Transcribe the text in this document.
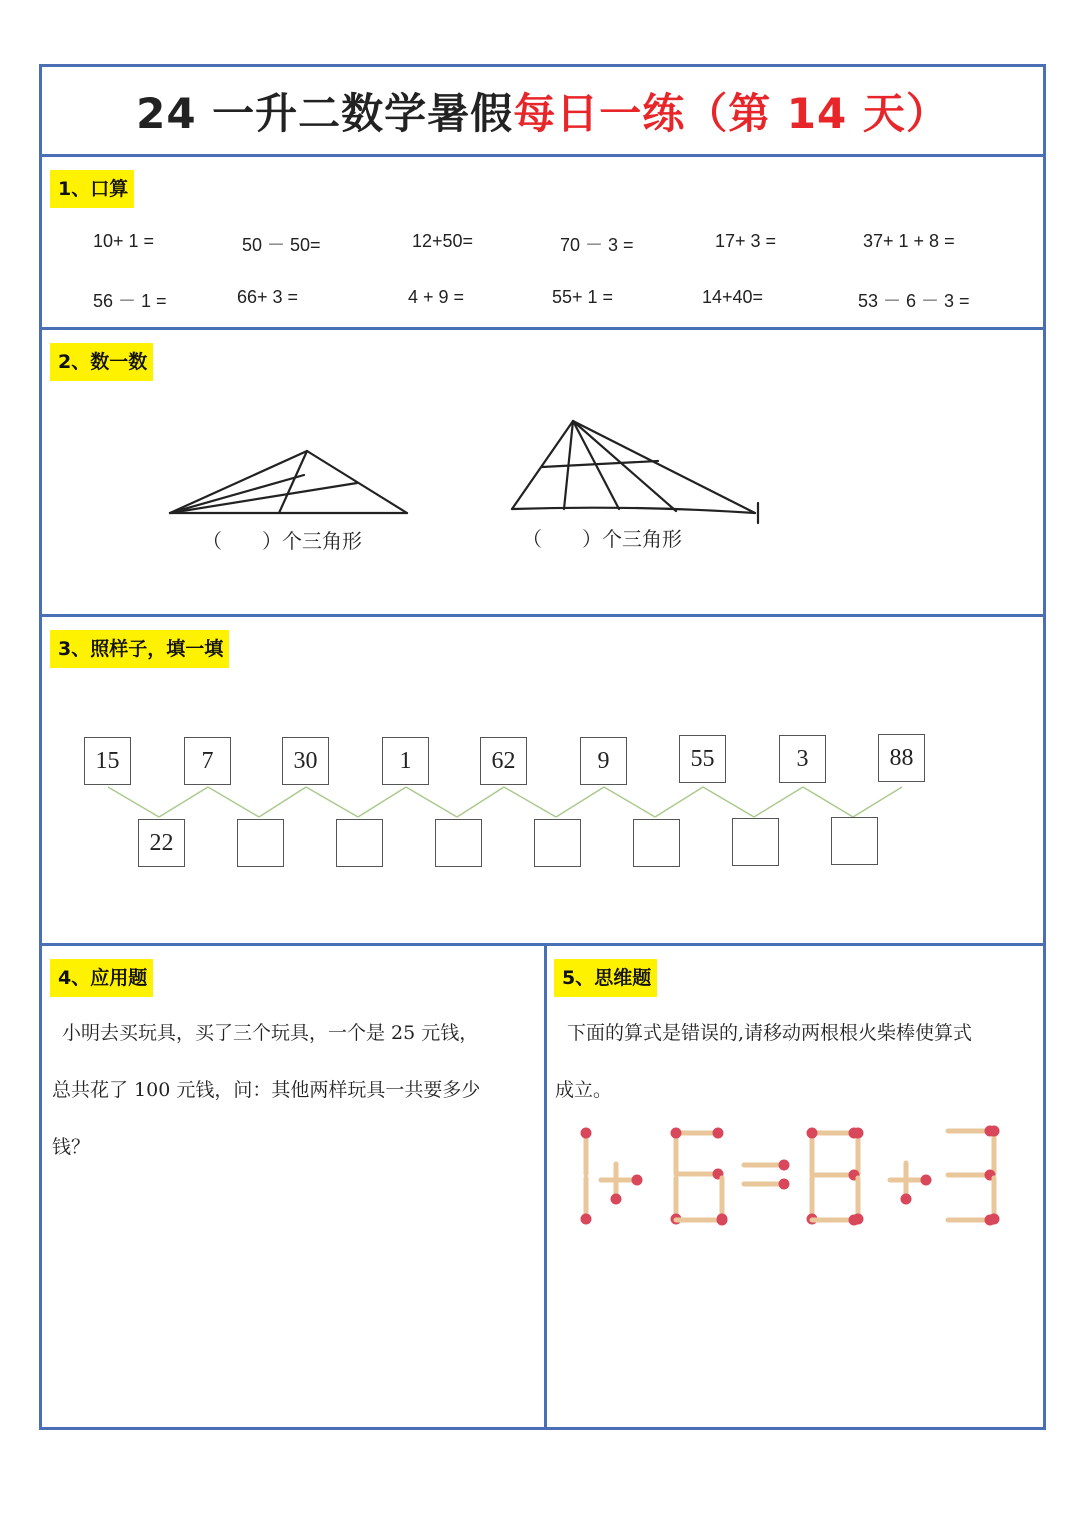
24 一升二数学暑假每日一练（第 14 天）
1、口算
10+ 1 =	50 － 50=	12+50=	70 － 3 =	17+ 3 =	37+ 1 + 8 =
56 － 1 =	66+ 3 =	4 + 9 =	55+ 1 =	14+40=	53 － 6 － 3 =
2、数一数
（　　）个三角形	（　　）个三角形
3、照样子，填一填
15	7	30	1	62	9	55	3	88
22
4、应用题
小明去买玩具，买了三个玩具，一个是 25 元钱，
总共花了 100 元钱，问：其他两样玩具一共要多少
钱？
5、思维题
下面的算式是错误的,请移动两根根火柴棒使算式
成立。
